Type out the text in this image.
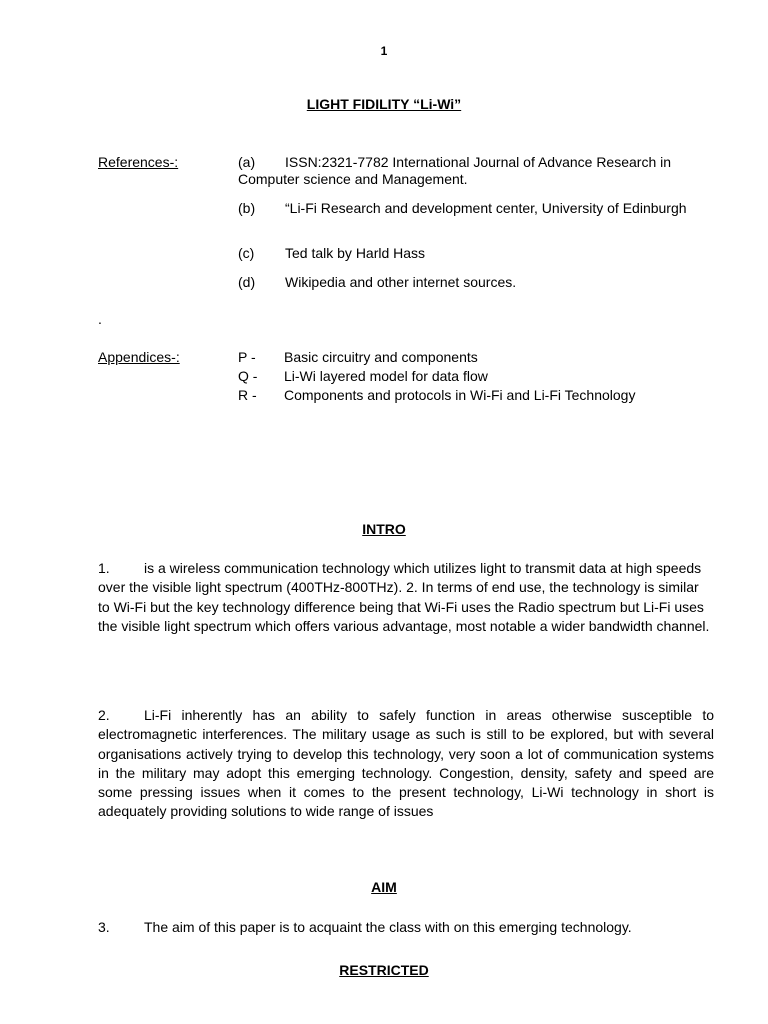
1
LIGHT FIDILITY “Li-Wi”
References-:	(a) ISSN:2321-7782 International Journal of Advance Research in Computer science and Management.
(b) “Li-Fi Research and development center, University of Edinburgh
(c) Ted talk by Harld Hass
(d) Wikipedia and other internet sources.
.
Appendices-:	P - Basic circuitry and components
Q - Li-Wi layered model for data flow
R - Components and protocols in Wi-Fi and Li-Fi Technology
INTRO
1. is a wireless communication technology which utilizes light to transmit data at high speeds over the visible light spectrum (400THz-800THz). 2. In terms of end use, the technology is similar to Wi-Fi but the key technology difference being that Wi-Fi uses the Radio spectrum but Li-Fi uses the visible light spectrum which offers various advantage, most notable a wider bandwidth channel.
2. Li-Fi inherently has an ability to safely function in areas otherwise susceptible to electromagnetic interferences. The military usage as such is still to be explored, but with several organisations actively trying to develop this technology, very soon a lot of communication systems in the military may adopt this emerging technology. Congestion, density, safety and speed are some pressing issues when it comes to the present technology, Li-Wi technology in short is adequately providing solutions to wide range of issues
AIM
3. The aim of this paper is to acquaint the class with on this emerging technology.
RESTRICTED
